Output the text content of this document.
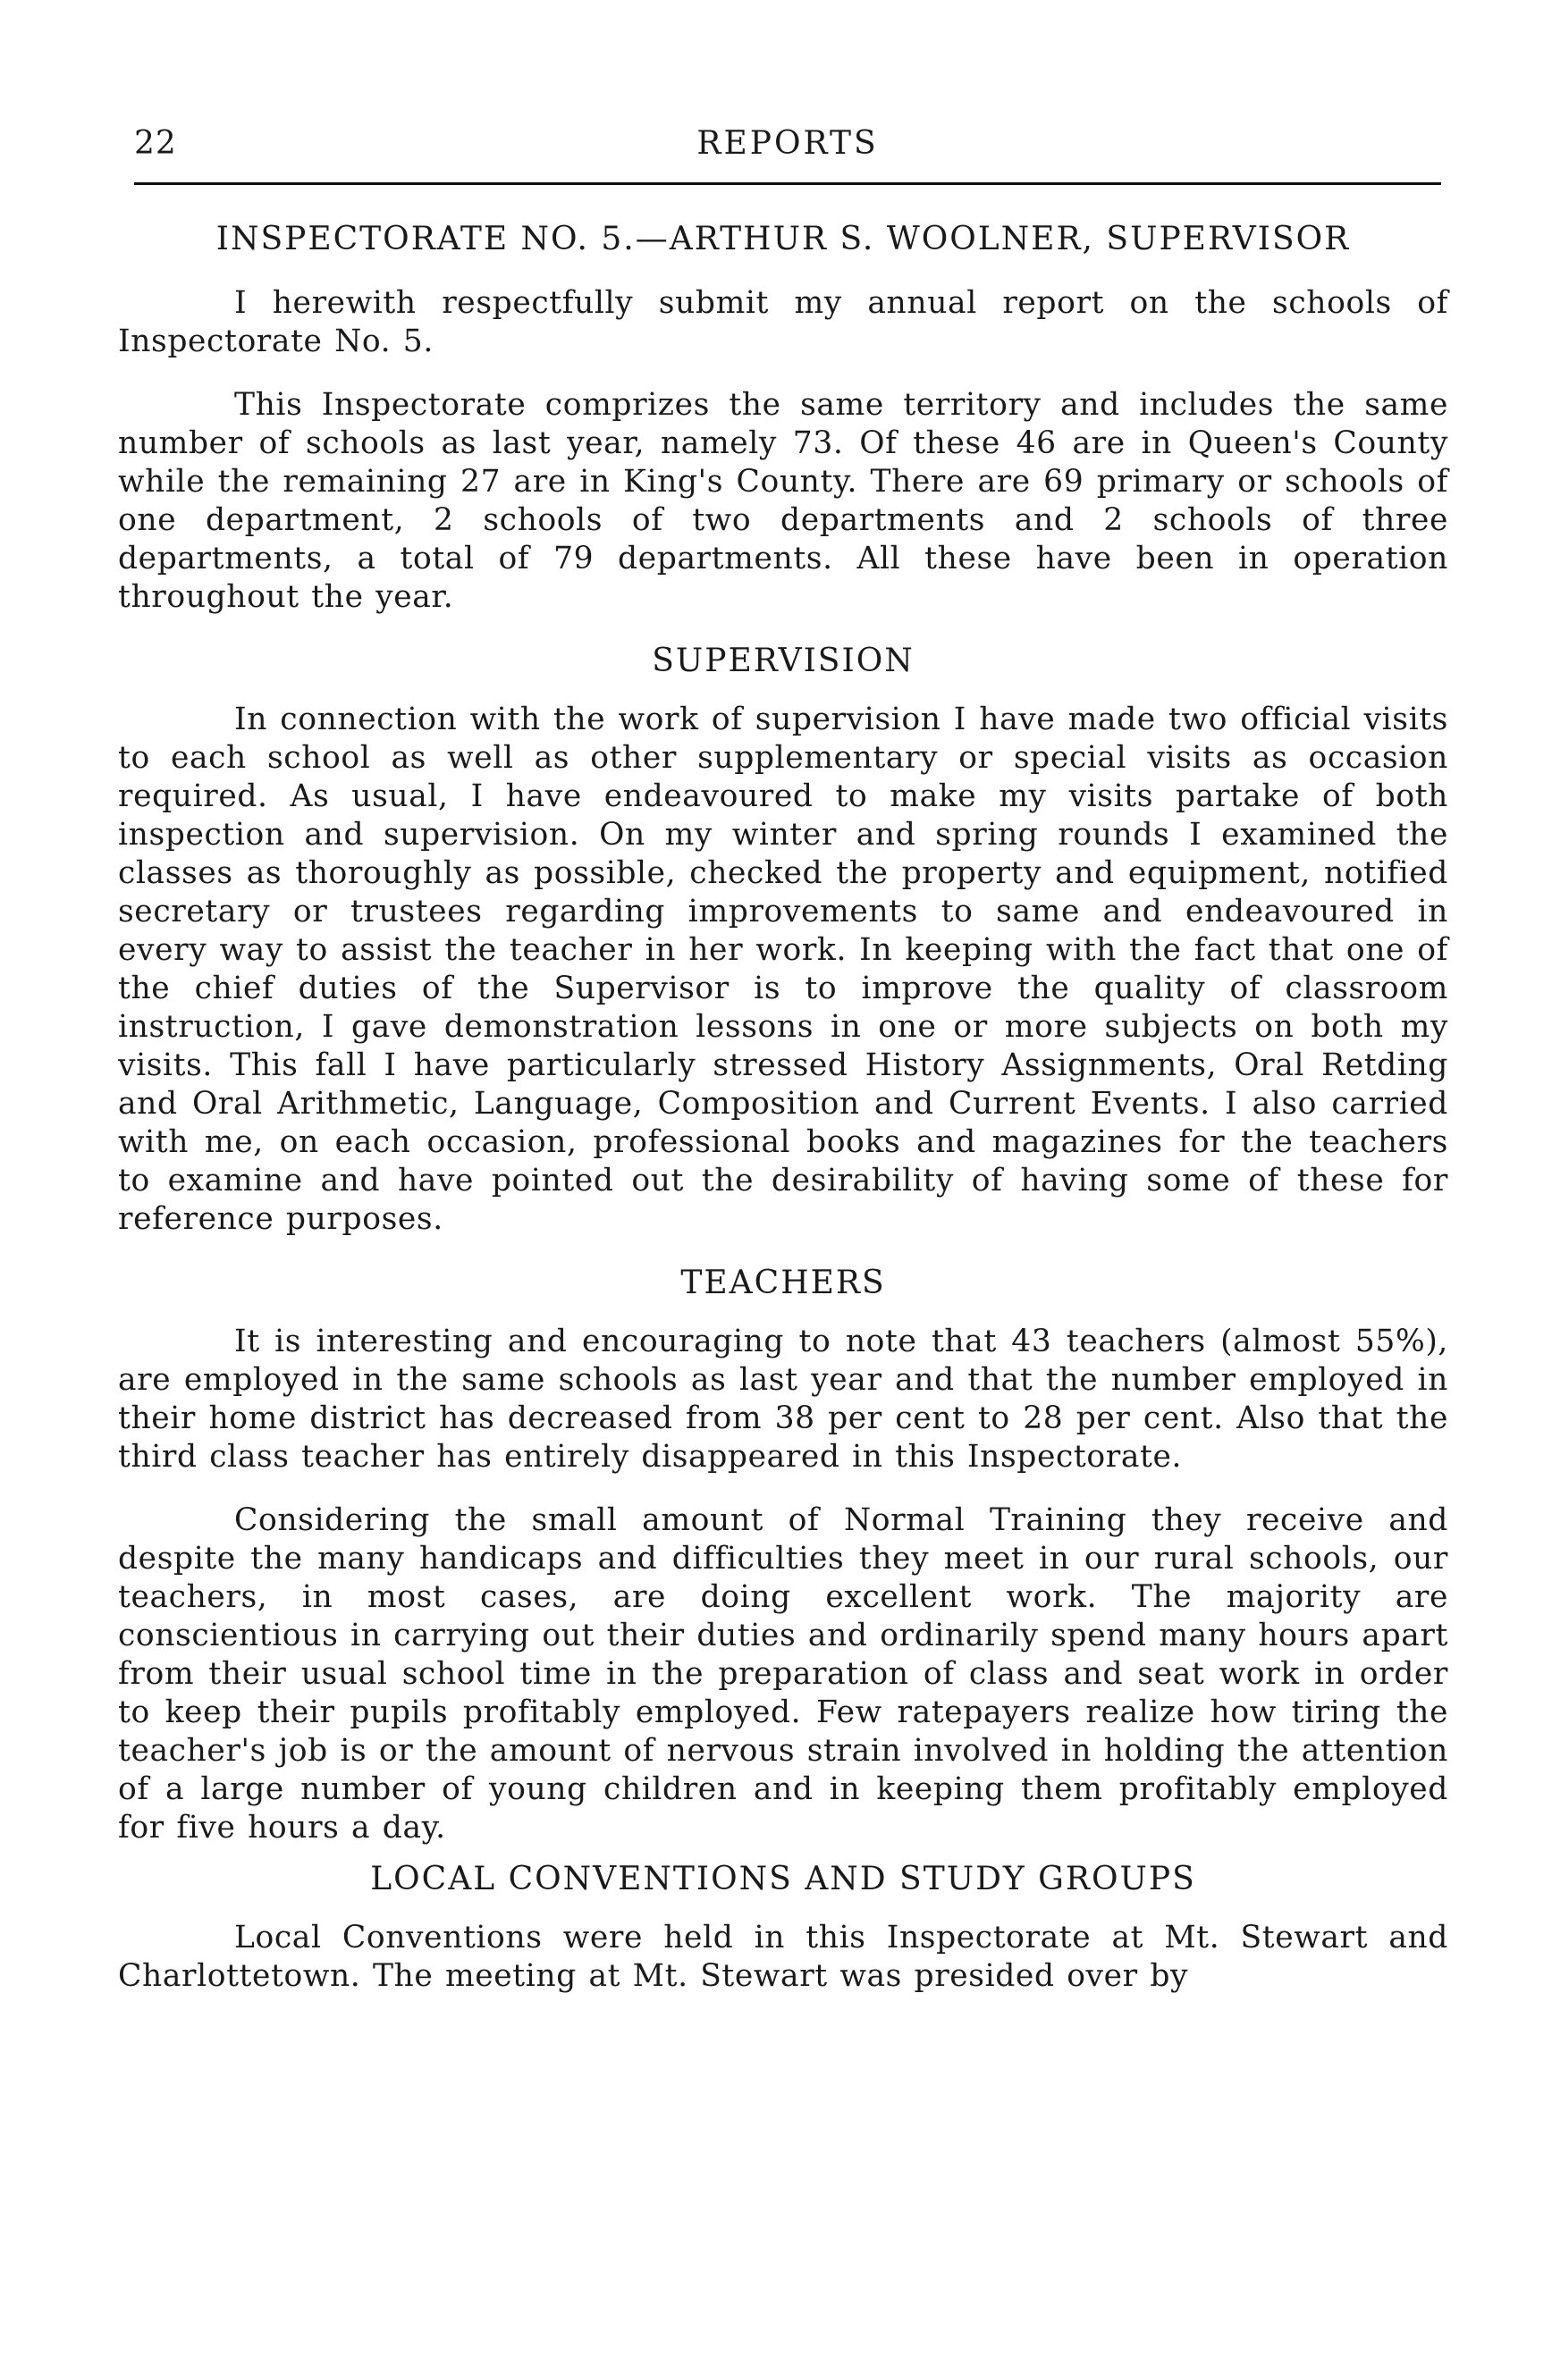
22	REPORTS
INSPECTORATE NO. 5.—ARTHUR S. WOOLNER, SUPERVISOR

I herewith respectfully submit my annual report on the schools of Inspectorate No. 5.

This Inspectorate comprizes the same territory and includes the same number of schools as last year, namely 73. Of these 46 are in Queen's County while the remaining 27 are in King's County. There are 69 primary or schools of one department, 2 schools of two departments and 2 schools of three departments, a total of 79 departments. All these have been in operation throughout the year.

SUPERVISION

In connection with the work of supervision I have made two official visits to each school as well as other supplementary or special visits as occasion required. As usual, I have endeavoured to make my visits partake of both inspection and supervision. On my winter and spring rounds I examined the classes as thoroughly as possible, checked the property and equipment, notified secretary or trustees regarding improvements to same and endeavoured in every way to assist the teacher in her work. In keeping with the fact that one of the chief duties of the Supervisor is to improve the quality of classroom instruction, I gave demonstration lessons in one or more subjects on both my visits. This fall I have particularly stressed History Assignments, Oral Retding and Oral Arithmetic, Language, Composition and Current Events. I also carried with me, on each occasion, professional books and magazines for the teachers to examine and have pointed out the desirability of having some of these for reference purposes.

TEACHERS

It is interesting and encouraging to note that 43 teachers (almost 55%), are employed in the same schools as last year and that the number employed in their home district has decreased from 38 per cent to 28 per cent. Also that the third class teacher has entirely disappeared in this Inspectorate.

Considering the small amount of Normal Training they receive and despite the many handicaps and difficulties they meet in our rural schools, our teachers, in most cases, are doing excellent work. The majority are conscientious in carrying out their duties and ordinarily spend many hours apart from their usual school time in the preparation of class and seat work in order to keep their pupils profitably employed. Few ratepayers realize how tiring the teacher's job is or the amount of nervous strain involved in holding the attention of a large number of young children and in keeping them profitably employed for five hours a day.

LOCAL CONVENTIONS AND STUDY GROUPS

Local Conventions were held in this Inspectorate at Mt. Stewart and Charlottetown. The meeting at Mt. Stewart was presided over by
